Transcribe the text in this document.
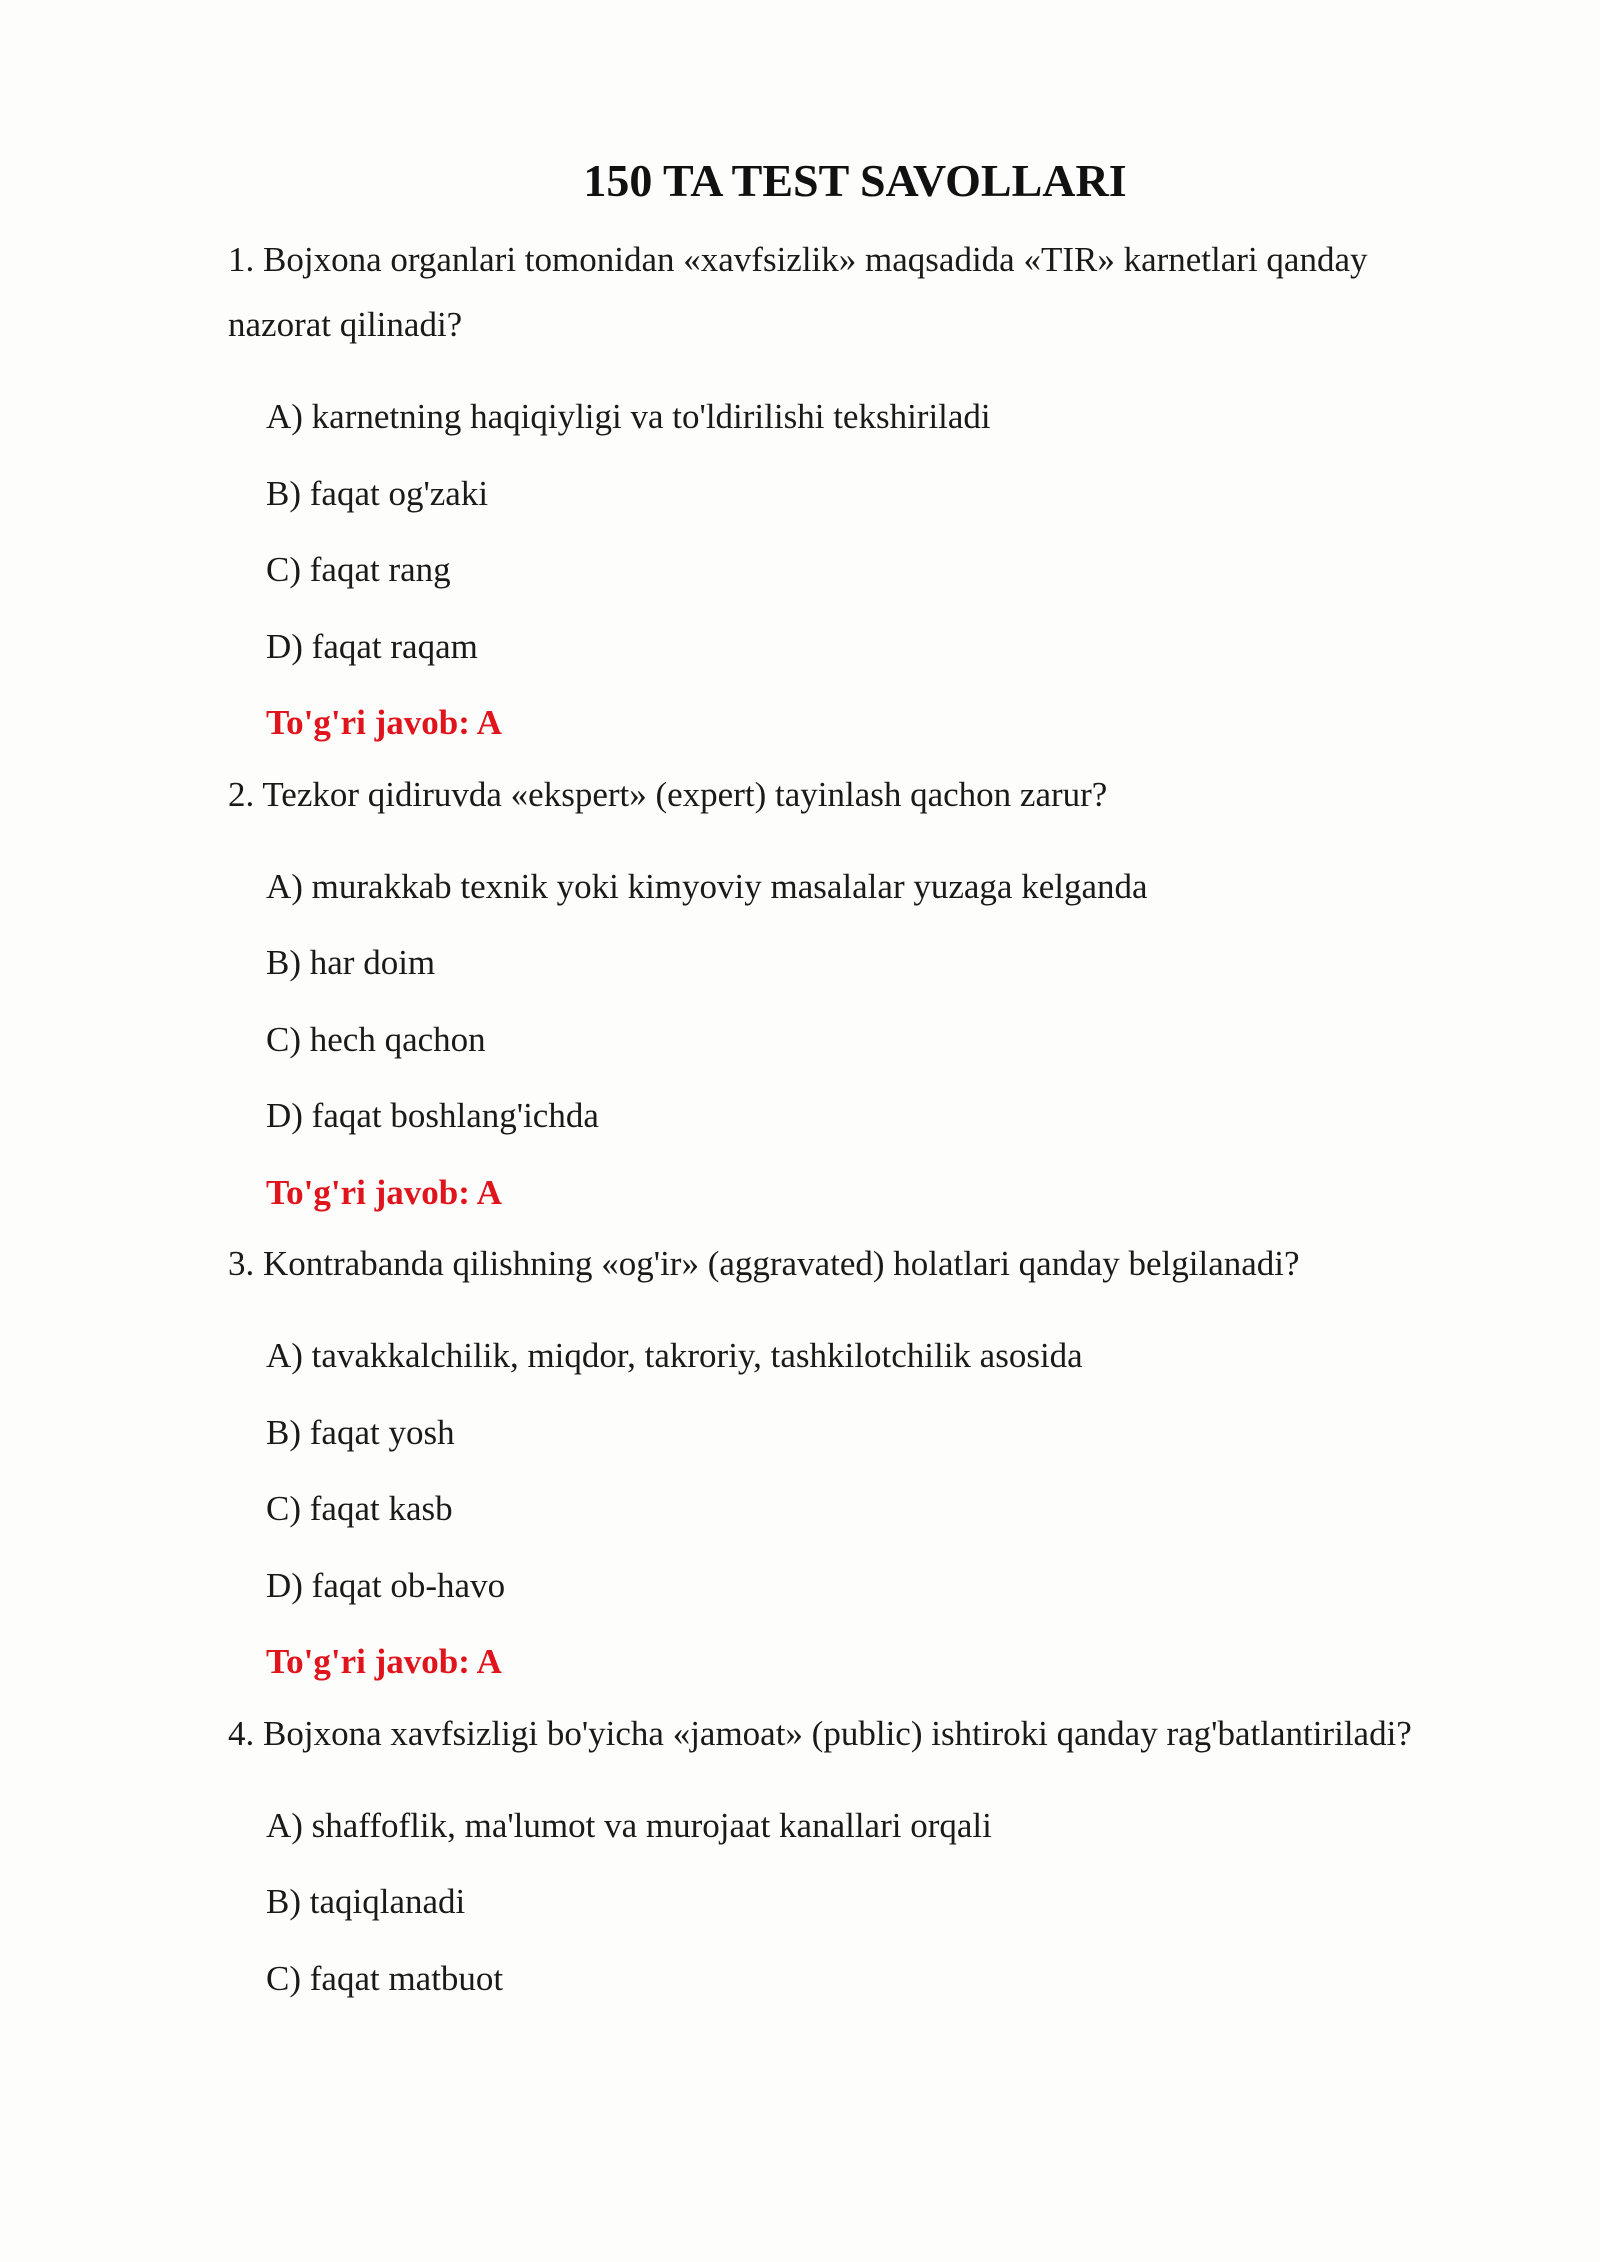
150 TA TEST SAVOLLARI

1. Bojxona organlari tomonidan «xavfsizlik» maqsadida «TIR» karnetlari qanday nazorat qilinadi?

A) karnetning haqiqiyligi va to'ldirilishi tekshiriladi
B) faqat og'zaki
C) faqat rang
D) faqat raqam
To'g'ri javob: A

2. Tezkor qidiruvda «ekspert» (expert) tayinlash qachon zarur?

A) murakkab texnik yoki kimyoviy masalalar yuzaga kelganda
B) har doim
C) hech qachon
D) faqat boshlang'ichda
To'g'ri javob: A

3. Kontrabanda qilishning «og'ir» (aggravated) holatlari qanday belgilanadi?

A) tavakkalchilik, miqdor, takroriy, tashkilotchilik asosida
B) faqat yosh
C) faqat kasb
D) faqat ob-havo
To'g'ri javob: A

4. Bojxona xavfsizligi bo'yicha «jamoat» (public) ishtiroki qanday rag'batlantiriladi?

A) shaffoflik, ma'lumot va murojaat kanallari orqali
B) taqiqlanadi
C) faqat matbuot
